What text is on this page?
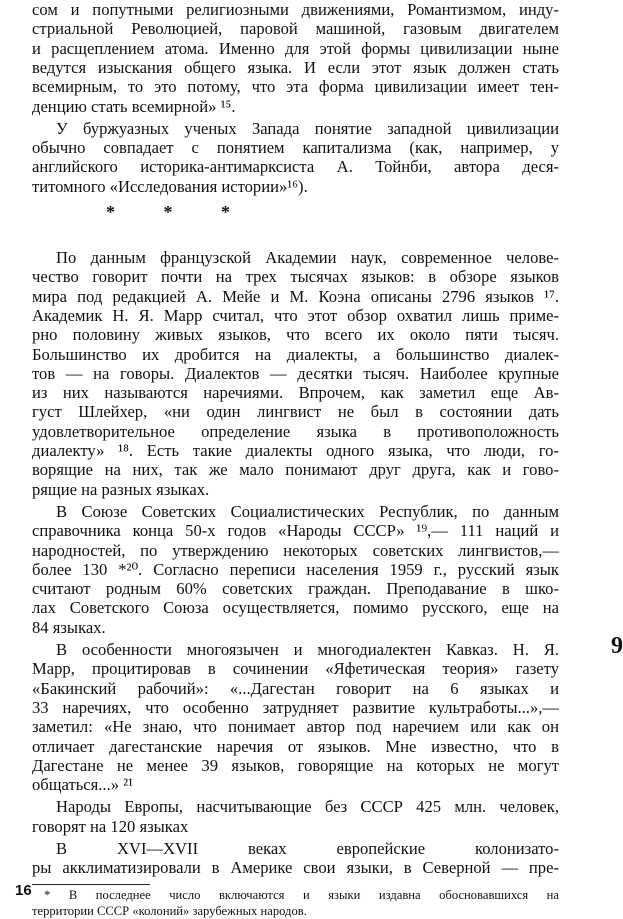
сом и попутными религиозными движениями, Романтизмом, инду-
стриальной Революцией, паровой машиной, газовым двигателем
и расщеплением атома. Именно для этой формы цивилизации ныне
ведутся изыскания общего языка. И если этот язык должен стать
всемирным, то это потому, что эта форма цивилизации имеет тен-
денцию стать всемирной» ¹⁵.
У буржуазных ученых Запада понятие западной цивилизации
обычно совпадает с понятием капитализма (как, например, у
английского историка-антимарксиста А. Тойнби, автора деся-
титомного «Исследования истории»¹⁶).
* * *
По данным французской Академии наук, современное челове-
чество говорит почти на трех тысячах языков: в обзоре языков
мира под редакцией А. Мейе и М. Коэна описаны 2796 языков ¹⁷.
Академик Н. Я. Марр считал, что этот обзор охватил лишь приме-
рно половину живых языков, что всего их около пяти тысяч.
Большинство их дробится на диалекты, а большинство диалек-
тов — на говоры. Диалектов — десятки тысяч. Наиболее крупные
из них называются наречиями. Впрочем, как заметил еще Ав-
густ Шлейхер, «ни один лингвист не был в состоянии дать
удовлетворительное определение языка в противоположность
диалекту» ¹⁸. Есть такие диалекты одного языка, что люди, го-
ворящие на них, так же мало понимают друг друга, как и гово-
рящие на разных языках.
В Союзе Советских Социалистических Республик, по данным
справочника конца 50-х годов «Народы СССР» ¹⁹,— 111 наций и
народностей, по утверждению некоторых советских лингвистов,—
более 130 *²⁰. Согласно переписи населения 1959 г., русский язык
считают родным 60% советских граждан. Преподавание в шко-
лах Советского Союза осуществляется, помимо русского, еще на
84 языках.
В особенности многоязычен и многодиалектен Кавказ. Н. Я.
Марр, процитировав в сочинении «Яфетическая теория» газету
«Бакинский рабочий»: «...Дагестан говорит на 6 языках и
33 наречиях, что особенно затрудняет развитие культработы...»,—
заметил: «Не знаю, что понимает автор под наречием или как он
отличает дагестанские наречия от языков. Мне известно, что в
Дагестане не менее 39 языков, говорящие на которых не могут
общаться...» ²¹
Народы Европы, насчитывающие без СССР 425 млн. человек,
говорят на 120 языках
В XVI—XVII веках европейские колонизато-
ры акклиматизировали в Америке свои языки, в Северной — пре-
* В последнее число включаются и языки издавна обосновавшихся на
территории СССР «колоний» зарубежных народов.
16
9
